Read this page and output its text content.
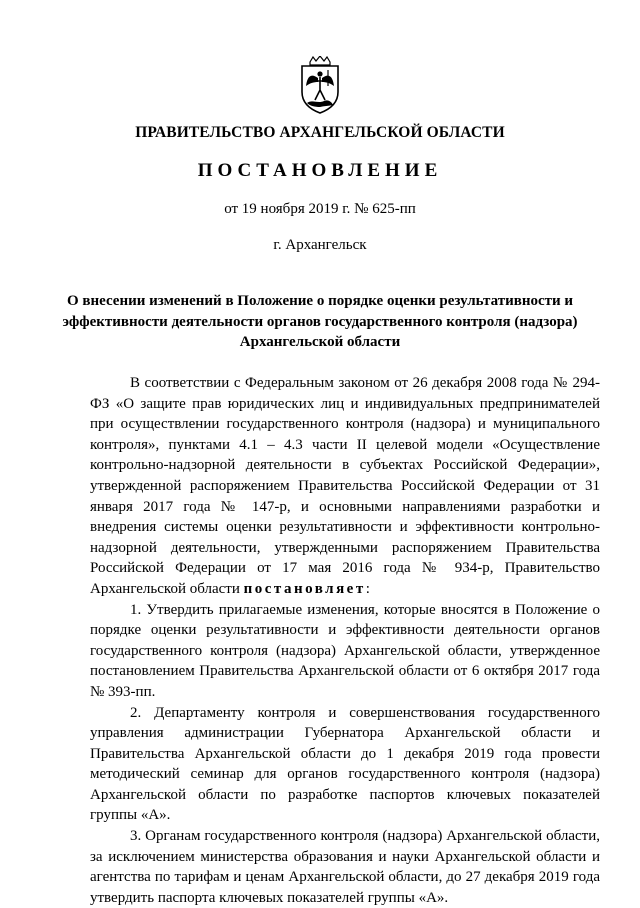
ПРАВИТЕЛЬСТВО АРХАНГЕЛЬСКОЙ ОБЛАСТИ
ПОСТАНОВЛЕНИЕ
от 19 ноября 2019 г. № 625-пп
г. Архангельск
О внесении изменений в Положение о порядке оценки результативности и эффективности деятельности органов государственного контроля (надзора) Архангельской области

В соответствии с Федеральным законом от 26 декабря 2008 года № 294-ФЗ «О защите прав юридических лиц и индивидуальных предпринимателей при осуществлении государственного контроля (надзора) и муниципального контроля», пунктами 4.1 – 4.3 части II целевой модели «Осуществление контрольно-надзорной деятельности в субъектах Российской Федерации», утвержденной распоряжением Правительства Российской Федерации от 31 января 2017 года № 147-р, и основными направлениями разработки и внедрения системы оценки результативности и эффективности контрольно-надзорной деятельности, утвержденными распоряжением Правительства Российской Федерации от 17 мая 2016 года № 934-р, Правительство Архангельской области постановляет:

1. Утвердить прилагаемые изменения, которые вносятся в Положение о порядке оценки результативности и эффективности деятельности органов государственного контроля (надзора) Архангельской области, утвержденное постановлением Правительства Архангельской области от 6 октября 2017 года № 393-пп.

2. Департаменту контроля и совершенствования государственного управления администрации Губернатора Архангельской области и Правительства Архангельской области до 1 декабря 2019 года провести методический семинар для органов государственного контроля (надзора) Архангельской области по разработке паспортов ключевых показателей группы «А».

3. Органам государственного контроля (надзора) Архангельской области, за исключением министерства образования и науки Архангельской области и агентства по тарифам и ценам Архангельской области, до 27 декабря 2019 года утвердить паспорта ключевых показателей группы «А».
